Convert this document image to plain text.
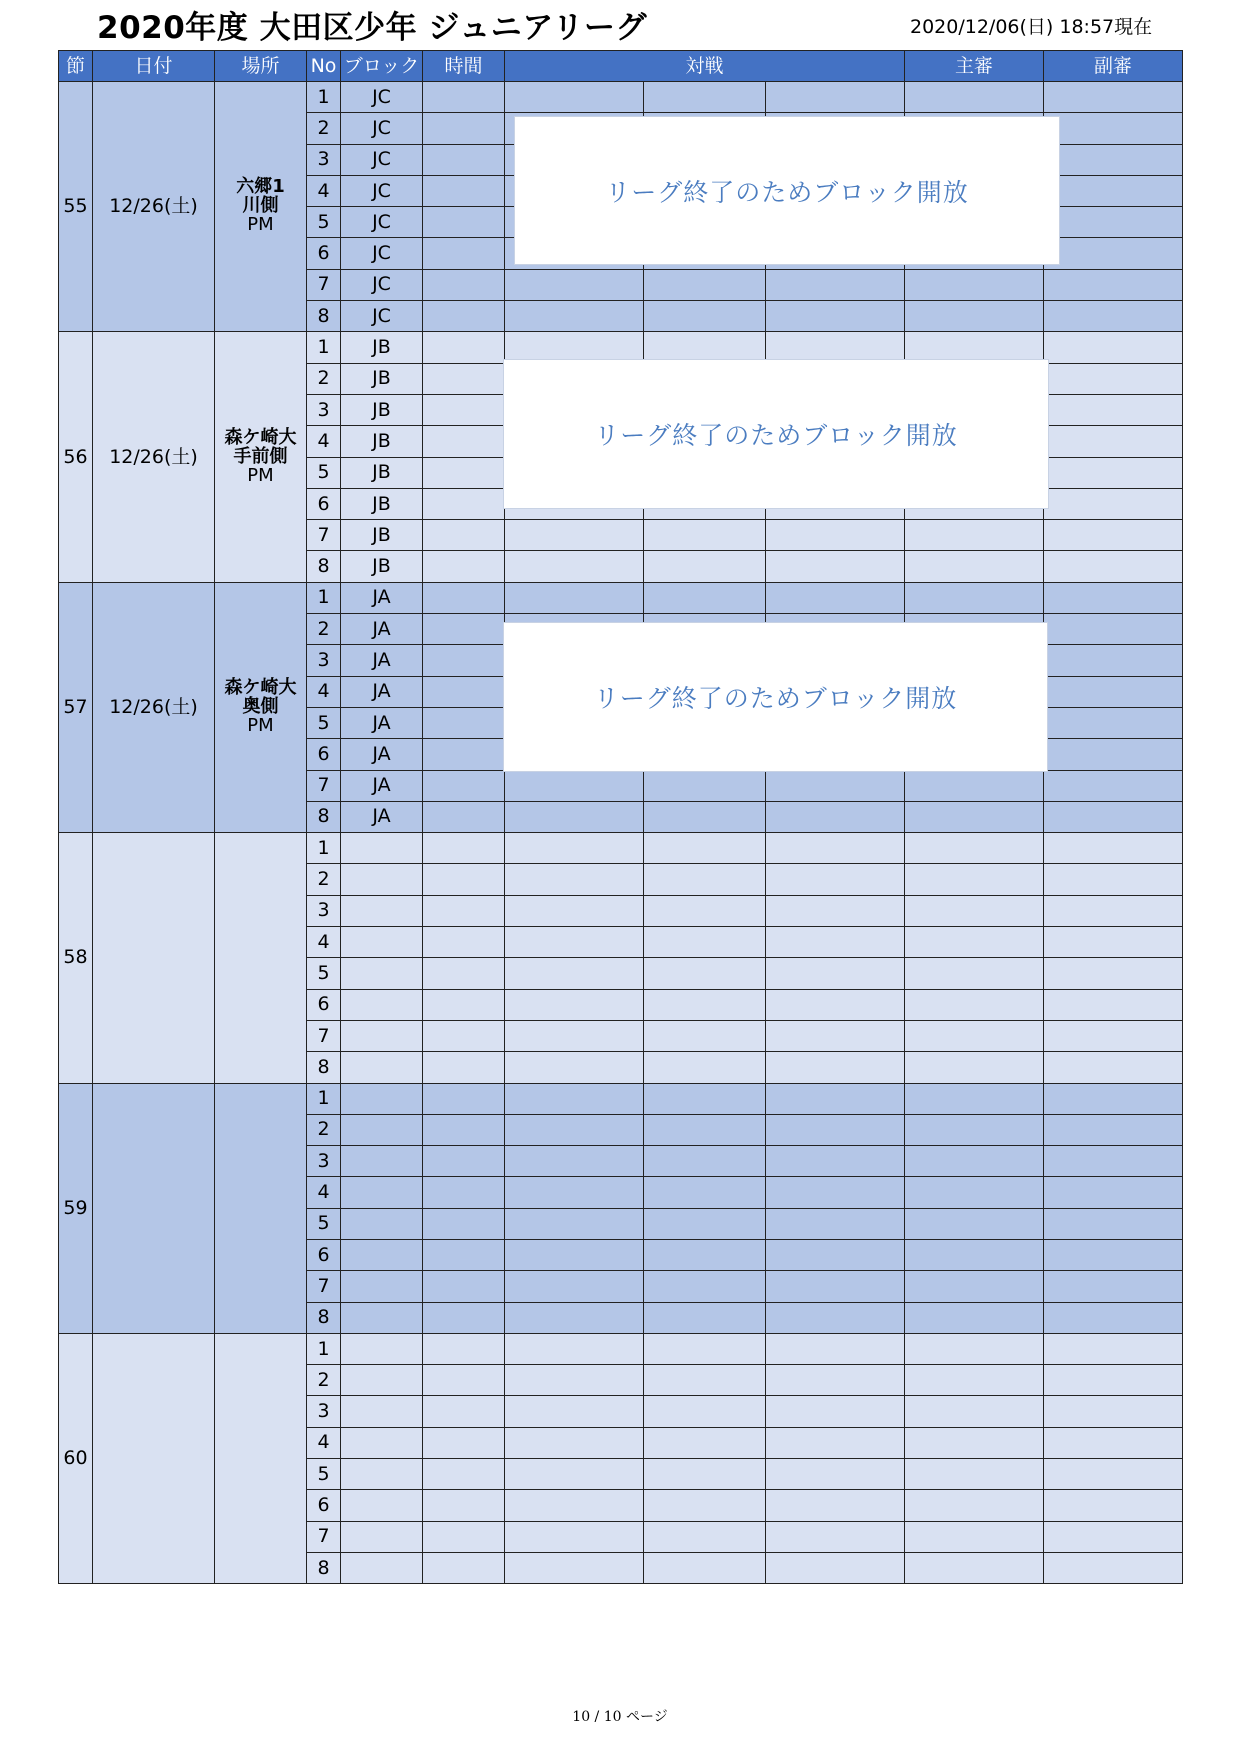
2020年度 大田区少年 ジュニアリーグ	2020/12/06(日) 18:57現在
節	日付	場所	No	ブロック	時間	対戦			主審	副審
55	12/26(土)	六郷1
川側
PM	1	JC						
			2	JC						
			3	JC						
			4	JC						
			5	JC						
			6	JC						
			7	JC						
			8	JC						
56	12/26(土)	森ケ崎大
手前側
PM	1	JB						
			2	JB						
			3	JB						
			4	JB						
			5	JB						
			6	JB						
			7	JB						
			8	JB						
57	12/26(土)	森ケ崎大
奥側
PM	1	JA						
			2	JA						
			3	JA						
			4	JA						
			5	JA						
			6	JA						
			7	JA						
			8	JA						
58			1							
			2							
			3							
			4							
			5							
			6							
			7							
			8							
59			1							
			2							
			3							
			4							
			5							
			6							
			7							
			8							
60			1							
			2							
			3							
			4							
			5							
			6							
			7							
			8							
リーグ終了のためブロック開放
リーグ終了のためブロック開放
リーグ終了のためブロック開放
10 / 10 ページ
